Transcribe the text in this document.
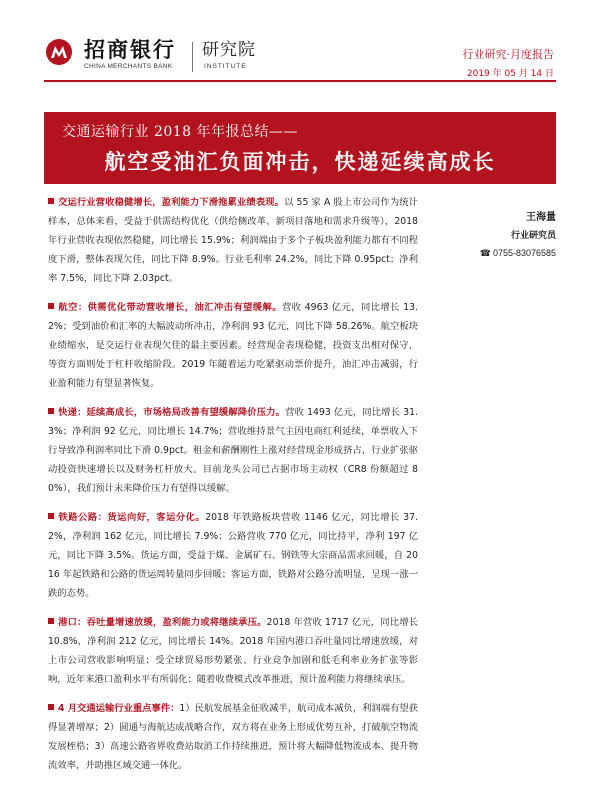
招商银行
CHINA MERCHANTS BANK
研究院
INSTITUTE
行业研究·月度报告
2019 年 05 月 14 日
交通运输行业 2018 年年报总结——
航空受油汇负面冲击，快递延续高成长
王海量
行业研究员
☎ 0755-83076585

交运行业营收稳健增长，盈利能力下滑拖累业绩表现。以 55 家 A 股上市公司作为统计样本，总体来看，受益于供需结构优化（供给侧改革、新项目落地和需求升级等），2018 年行业营收表现依然稳健，同比增长 15.9%；利润端由于多个子板块盈利能力都有不同程度下滑，整体表现欠佳，同比下降 8.9%。行业毛利率 24.2%，同比下降 0.95pct；净利率 7.5%，同比下降 2.03pct。

航空：供需优化带动营收增长，油汇冲击有望缓解。营收 4963 亿元，同比增长 13.2%；受到油价和汇率的大幅波动所冲击，净利润 93 亿元，同比下降 58.26%。航空板块业绩缩水，是交运行业表现欠佳的最主要因素。经营现金表现稳健，投资支出相对保守，等资方面则处于杠杆收缩阶段。2019 年随着运力吃紧驱动票价提升，油汇冲击减弱，行业盈利能力有望显著恢复。

快递：延续高成长，市场格局改善有望缓解降价压力。营收 1493 亿元，同比增长 31.3%；净利润 92 亿元，同比增长 14.7%；营收维持景气主因电商红利延续，单票收入下行导致净利润率同比下滑 0.9pct。租金和薪酬刚性上涨对经营现金形成挤占，行业扩张驱动投资快速增长以及财务杠杆放大。目前龙头公司已占据市场主动权（CR8 份额超过 80%），我们预计未来降价压力有望得以缓解。

铁路公路：货运向好，客运分化。2018 年铁路板块营收 1146 亿元，同比增长 37.2%，净利润 162 亿元，同比增长 7.9%；公路营收 770 亿元，同比持平，净利 197 亿元，同比下降 3.5%。货运方面，受益于煤、金属矿石、钢铁等大宗商品需求回暖，自 2016 年起铁路和公路的货运周转量同步回暖；客运方面，铁路对公路分流明显，呈现一涨一跌的态势。

港口：吞吐量增速放缓，盈利能力或将继续承压。2018 年营收 1717 亿元，同比增长 10.8%，净利润 212 亿元，同比增长 14%。2018 年国内港口吞吐量同比增速放缓，对上市公司营收影响明显；受全球贸易形势紧张、行业竞争加剧和低毛利率业务扩张等影响，近年来港口盈利水平有所弱化；随着收费模式改革推进，预计盈利能力将继续承压。

4 月交通运输行业重点事件：1）民航发展基金征收减半，航司成本减负，利润端有望获得显著增厚；2）圆通与海航达成战略合作，双方将在业务上形成优势互补，打破航空物流发展桎梏；3）高速公路省界收费站取消工作持续推进，预计将大幅降低物流成本、提升物流效率，并助推区域交通一体化。
